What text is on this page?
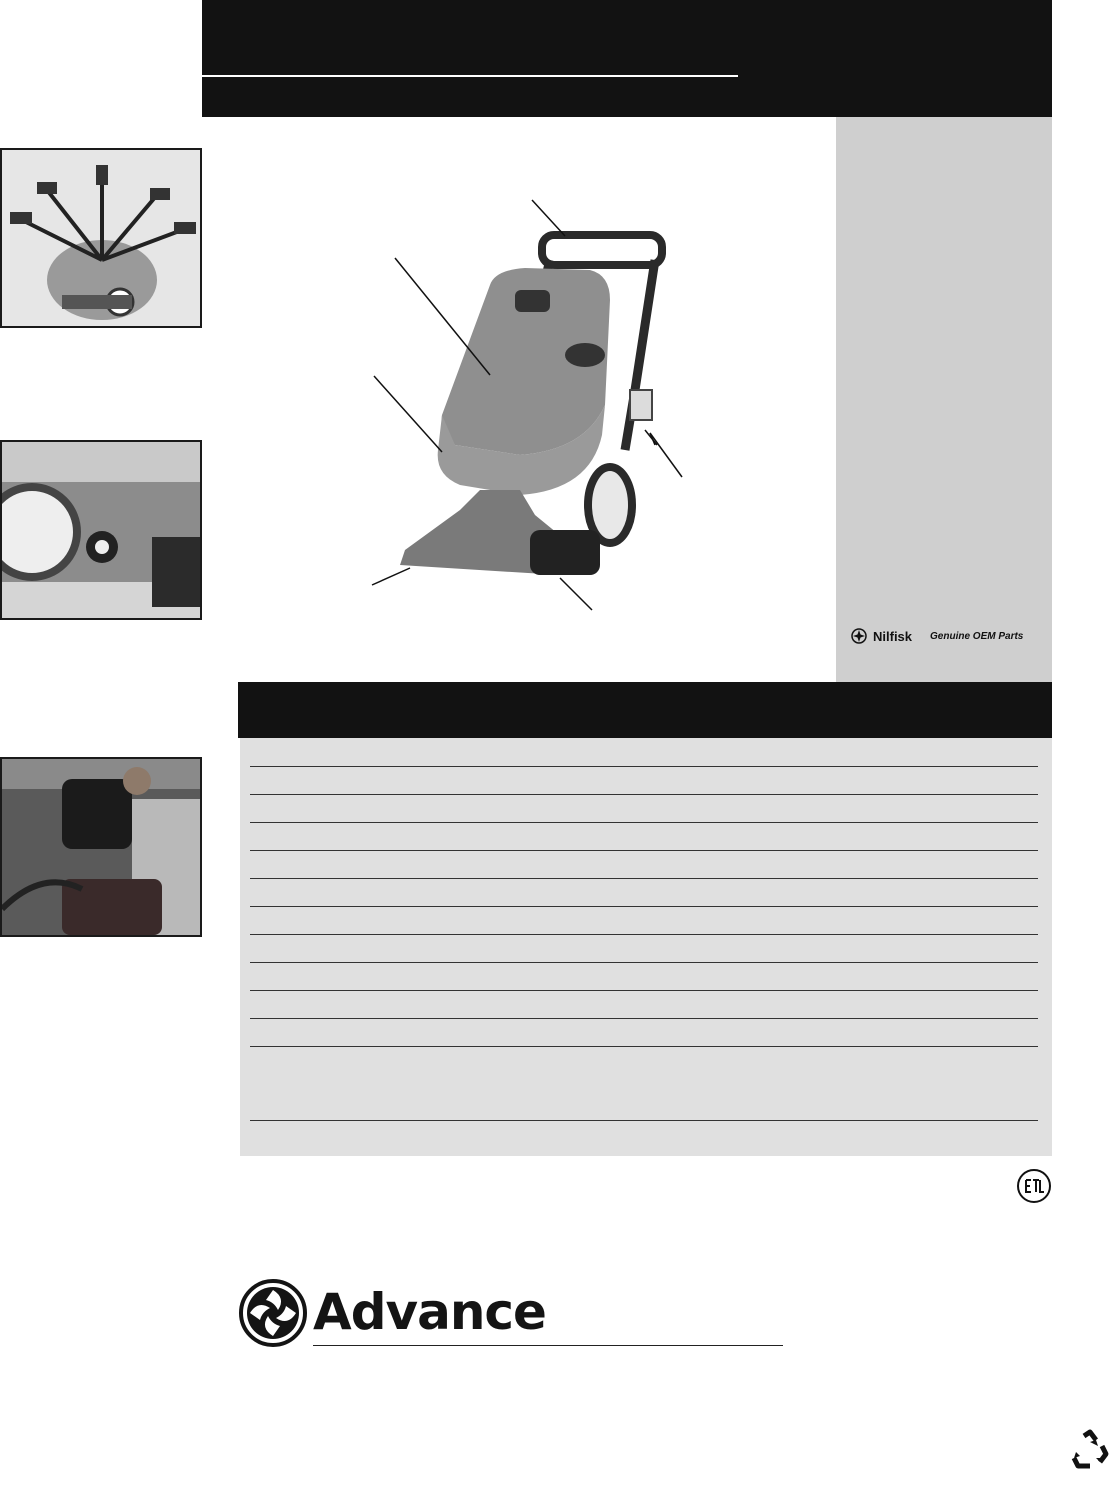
Nilfisk Genuine OEM Parts
Advance
